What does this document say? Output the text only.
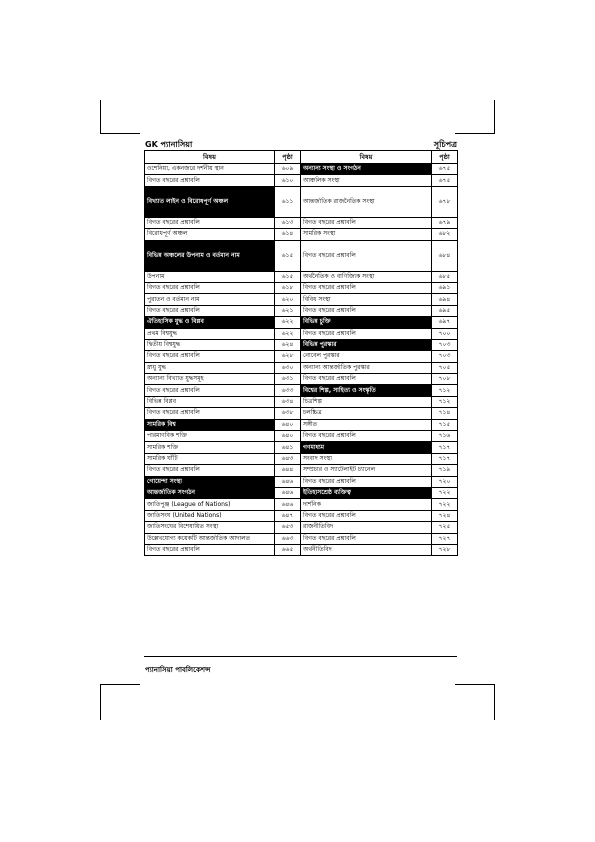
GK প্যানাসিয়া	সূচিপত্র
বিষয়	পৃষ্ঠা	বিষয়	পৃষ্ঠা
ওশেনিয়া, একনজরে দর্শনীয় স্থান	৬০৯	অন্যান্য সংস্থা ও সংগঠন	৬৭৫
বিগত বছরের প্রশ্নাবলি	৬১০	আঞ্চলিক সংস্থা	৬৭৫
বিখ্যাত লাইন ও বিরোধপূর্ণ অঞ্চল	৬১১	আন্তর্জাতিক রাজনৈতিক সংস্থা	৬৭৮
বিগত বছরের প্রশ্নাবলি	৬১৩	বিগত বছরের প্রশ্নাবলি	৬৭৯
বিরোধপূর্ণ অঞ্চল	৬১৪	সামরিক সংস্থা	৬৮২
বিভিন্ন অঞ্চলের উপনাম ও বর্তমান নাম	৬১৫	বিগত বছরের প্রশ্নাবলি	৬৮৪
উপনাম	৬১৫	অর্থনৈতিক ও বাণিজ্যিক সংস্থা	৬৮৫
বিগত বছরের প্রশ্নাবলি	৬১৮	বিগত বছরের প্রশ্নাবলি	৬৯১
পুরাতন ও বর্তমান নাম	৬২০	বিবিধ সংস্থা	৬৯৪
বিগত বছরের প্রশ্নাবলি	৬২১	বিগত বছরের প্রশ্নাবলি	৬৯৫
ঐতিহাসিক যুদ্ধ ও বিপ্লব	৬২২	বিভিন্ন চুক্তি	৬৯৭
প্রথম বিশ্বযুদ্ধ	৬২২	বিগত বছরের প্রশ্নাবলি	৭০০
দ্বিতীয় বিশ্বযুদ্ধ	৬২৪	বিভিন্ন পুরস্কার	৭০৩
বিগত বছরের প্রশ্নাবলি	৬২৮	নোবেল পুরস্কার	৭০৩
স্নায়ু যুদ্ধ	৬৩০	অন্যান্য আন্তর্জাতিক পুরস্কার	৭০৫
অন্যান্য বিখ্যাত যুদ্ধসমূহ	৬৩১	বিগত বছরের প্রশ্নাবলি	৭০৮
বিগত বছরের প্রশ্নাবলি	৬৩৩	বিশ্বের শিল্প, সাহিত্য ও সংস্কৃতি	৭১২
বিভিন্ন বিপ্লব	৬৩৪	চিত্রশিল্প	৭১২
বিগত বছরের প্রশ্নাবলি	৬৩৮	চলচ্চিত্র	৭১৪
সামরিক বিশ্ব	৬৪০	সঙ্গীত	৭১৫
পারমাণবিক শক্তি	৬৪০	বিগত বছরের প্রশ্নাবলি	৭১৬
সামরিক শক্তি	৬৪১	গণমাধ্যম	৭১৭
সামরিক ঘাঁটি	৬৪৩	সংবাদ সংস্থা	৭১৭
বিগত বছরের প্রশ্নাবলি	৬৪৪	সম্প্রচার ও স্যাটেলাইট চ্যানেল	৭১৯
গোয়েন্দা সংস্থা	৬৪৬	বিগত বছরের প্রশ্নাবলি	৭২০
আন্তর্জাতিক সংগঠন	৬৪৬	ইতিহাসশ্রেষ্ঠ ব্যক্তিত্ব	৭২২
জাতিপুঞ্জ (League of Nations)	৬৪৬	দার্শনিক	৭২২
জাতিসংঘ (United Nations)	৬৪৭	বিগত বছরের প্রশ্নাবলি	৭২৪
জাতিসংঘের বিশেষায়িত সংস্থা	৬৫৩	রাজনীতিবিদ	৭২৫
উল্লেখযোগ্য কয়েকটি আন্তর্জাতিক আদালত	৬৬৩	বিগত বছরের প্রশ্নাবলি	৭২৭
বিগত বছরের প্রশ্নাবলি	৬৬৫	অর্থনীতিবিদ	৭২৮
প্যানাসিয়া পাবলিকেশন্স
